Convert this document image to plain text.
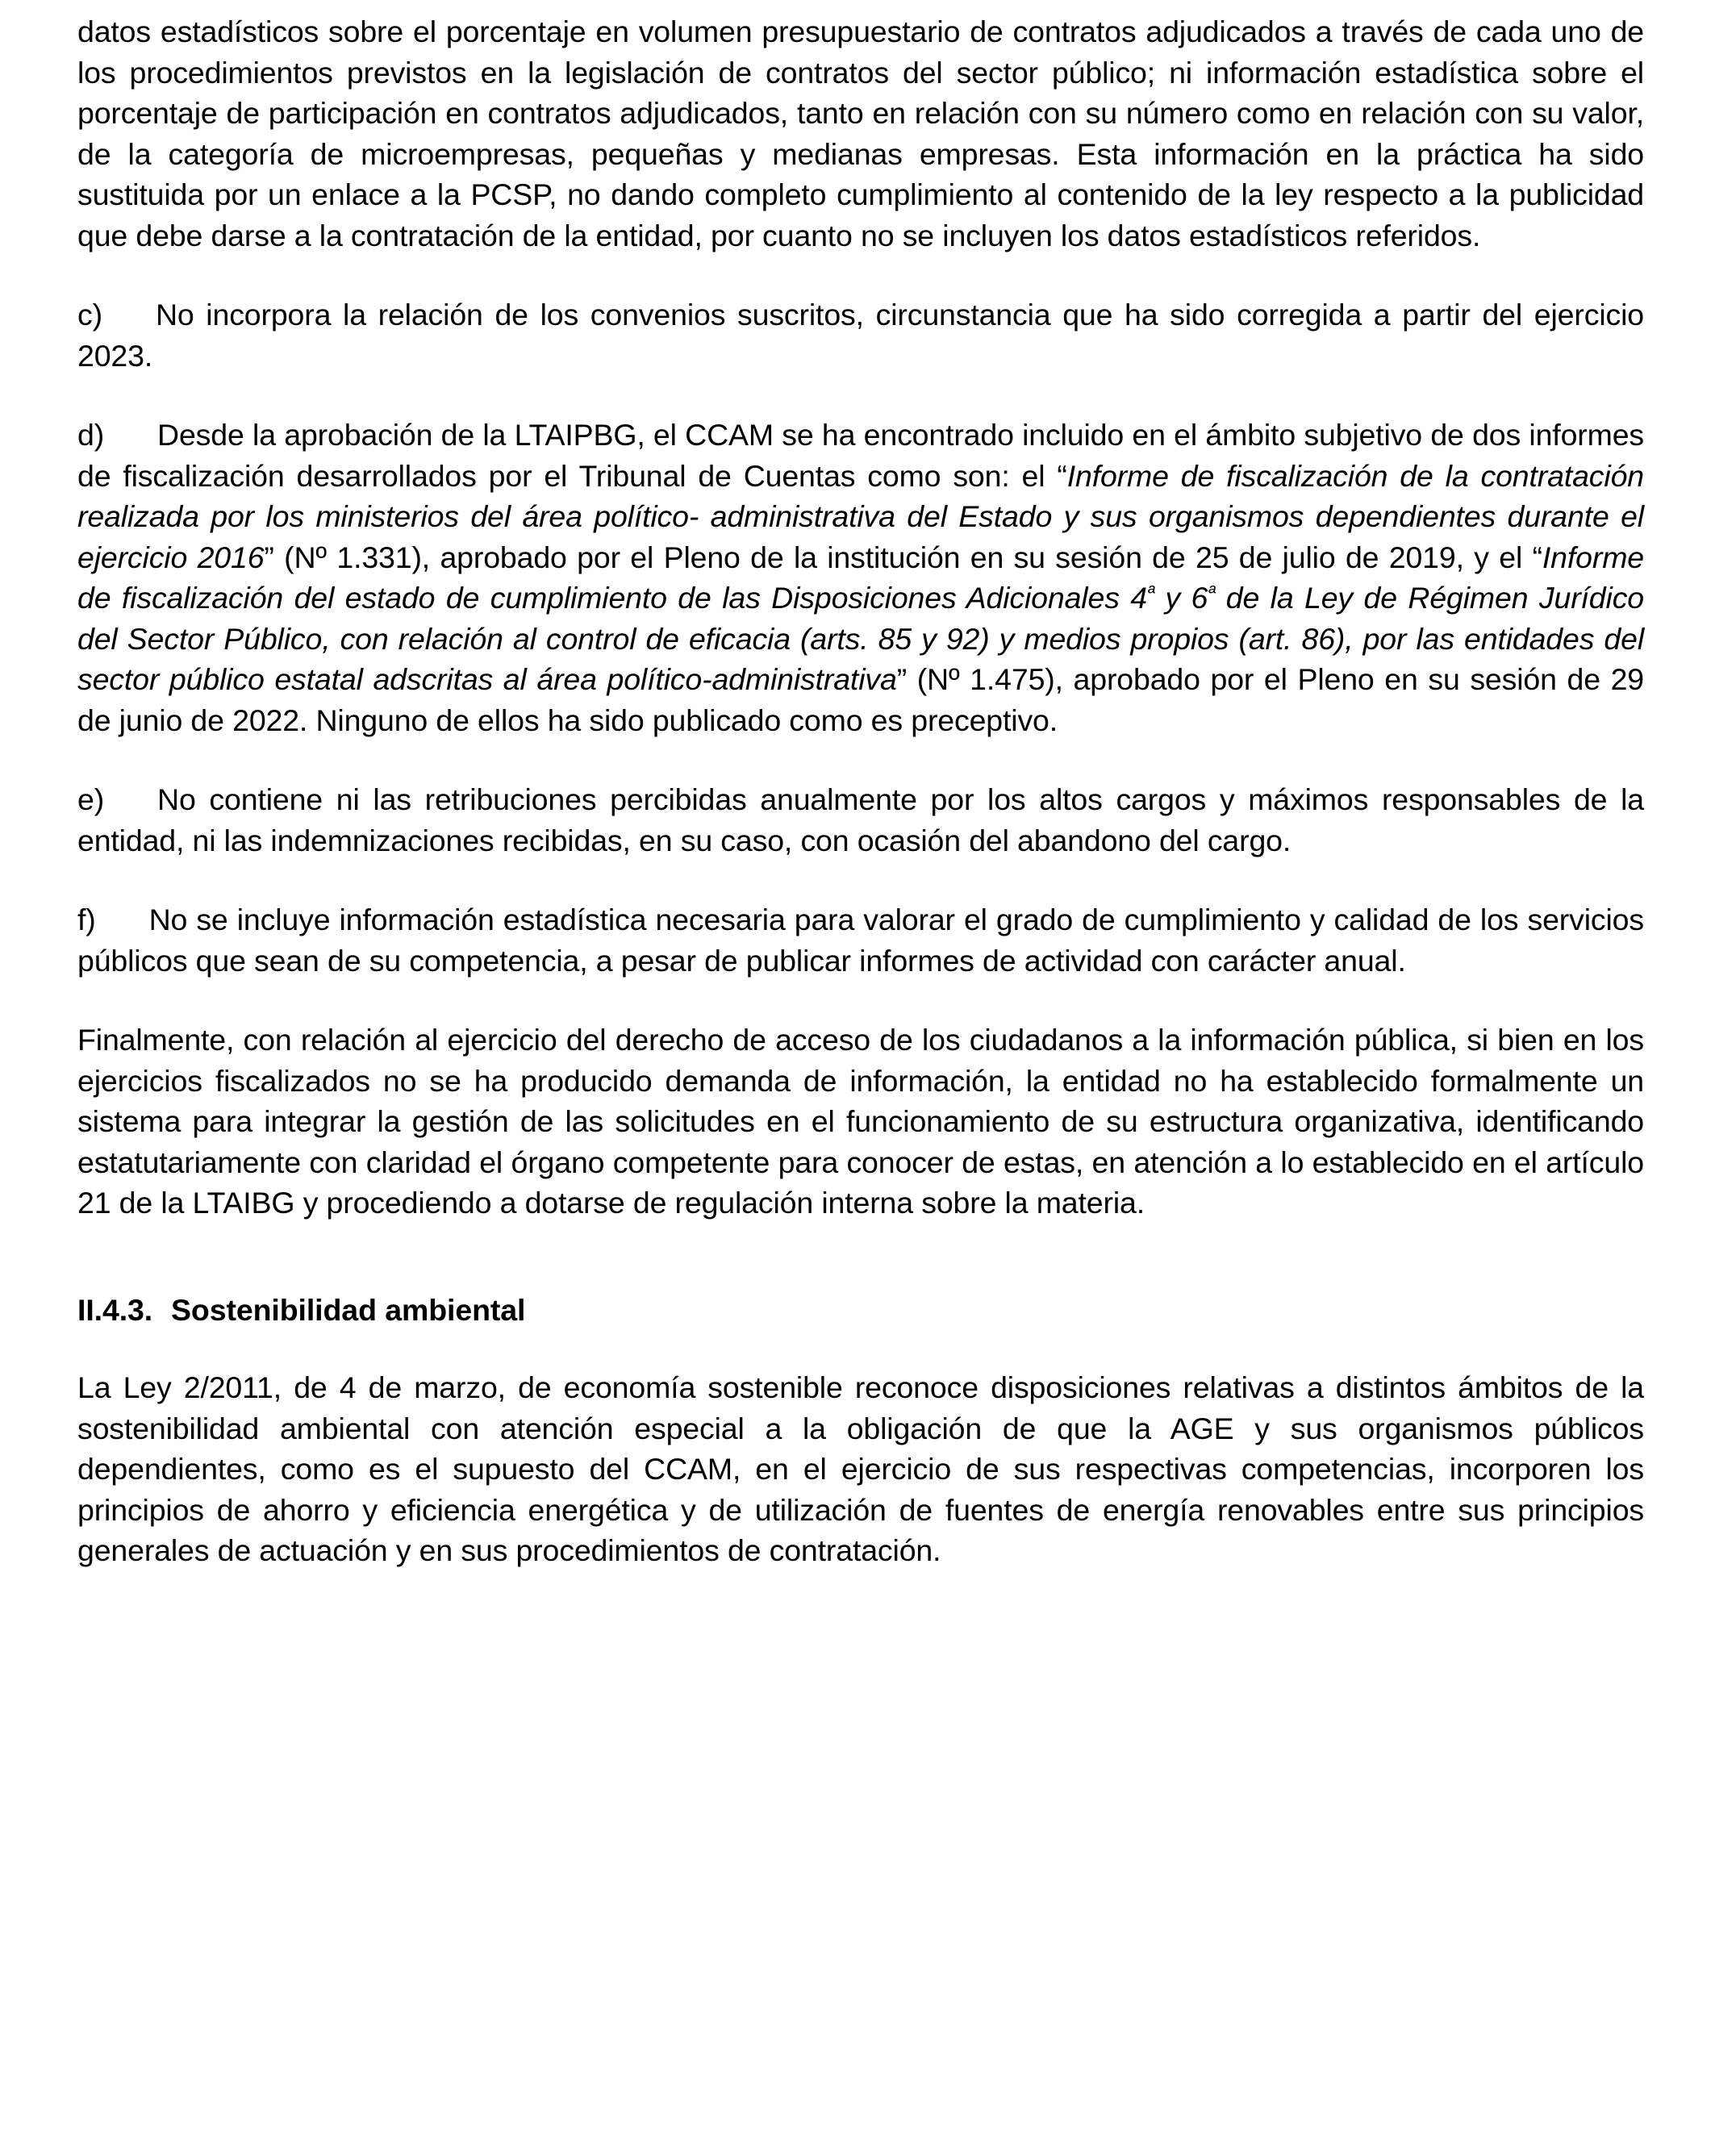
datos estadísticos sobre el porcentaje en volumen presupuestario de contratos adjudicados a través de cada uno de los procedimientos previstos en la legislación de contratos del sector público; ni información estadística sobre el porcentaje de participación en contratos adjudicados, tanto en relación con su número como en relación con su valor, de la categoría de microempresas, pequeñas y medianas empresas. Esta información en la práctica ha sido sustituida por un enlace a la PCSP, no dando completo cumplimiento al contenido de la ley respecto a la publicidad que debe darse a la contratación de la entidad, por cuanto no se incluyen los datos estadísticos referidos.

c) No incorpora la relación de los convenios suscritos, circunstancia que ha sido corregida a partir del ejercicio 2023.

d) Desde la aprobación de la LTAIPBG, el CCAM se ha encontrado incluido en el ámbito subjetivo de dos informes de fiscalización desarrollados por el Tribunal de Cuentas como son: el “Informe de fiscalización de la contratación realizada por los ministerios del área político- administrativa del Estado y sus organismos dependientes durante el ejercicio 2016” (Nº 1.331), aprobado por el Pleno de la institución en su sesión de 25 de julio de 2019, y el “Informe de fiscalización del estado de cumplimiento de las Disposiciones Adicionales $4^ª$ y $6^ª$ de la Ley de Régimen Jurídico del Sector Público, con relación al control de eficacia (arts. 85 y 92) y medios propios (art. 86), por las entidades del sector público estatal adscritas al área político-administrativa” (Nº 1.475), aprobado por el Pleno en su sesión de 29 de junio de 2022. Ninguno de ellos ha sido publicado como es preceptivo.

e) No contiene ni las retribuciones percibidas anualmente por los altos cargos y máximos responsables de la entidad, ni las indemnizaciones recibidas, en su caso, con ocasión del abandono del cargo.

f) No se incluye información estadística necesaria para valorar el grado de cumplimiento y calidad de los servicios públicos que sean de su competencia, a pesar de publicar informes de actividad con carácter anual.

Finalmente, con relación al ejercicio del derecho de acceso de los ciudadanos a la información pública, si bien en los ejercicios fiscalizados no se ha producido demanda de información, la entidad no ha establecido formalmente un sistema para integrar la gestión de las solicitudes en el funcionamiento de su estructura organizativa, identificando estatutariamente con claridad el órgano competente para conocer de estas, en atención a lo establecido en el artículo 21 de la LTAIBG y procediendo a dotarse de regulación interna sobre la materia.

II.4.3. Sostenibilidad ambiental

La Ley 2/2011, de 4 de marzo, de economía sostenible reconoce disposiciones relativas a distintos ámbitos de la sostenibilidad ambiental con atención especial a la obligación de que la AGE y sus organismos públicos dependientes, como es el supuesto del CCAM, en el ejercicio de sus respectivas competencias, incorporen los principios de ahorro y eficiencia energética y de utilización de fuentes de energía renovables entre sus principios generales de actuación y en sus procedimientos de contratación.
